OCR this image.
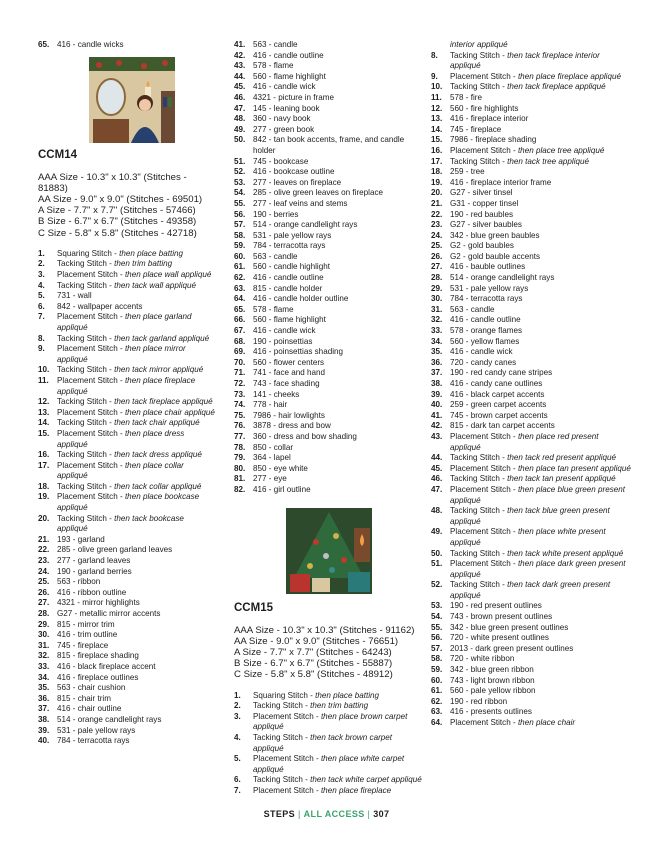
65. 416 - candle wicks
CCM14
AAA Size - 10.3" x 10.3" (Stitches - 81883)
AA Size - 9.0" x 9.0" (Stitches - 69501)
A Size - 7.7" x 7.7" (Stitches - 57466)
B Size - 6.7" x 6.7" (Stitches - 49358)
C Size - 5.8" x 5.8" (Stitches - 42718)
1.	Squaring Stitch - then place batting
2.	Tacking Stitch - then trim batting
3.	Placement Stitch - then place wall appliqué
4.	Tacking Stitch - then tack wall appliqué
5.	731 - wall
6.	842 - wallpaper accents
7.	Placement Stitch - then place garland appliqué
8.	Tacking Stitch - then tack garland appliqué
9.	Placement Stitch - then place mirror appliqué
10. Tacking Stitch - then tack mirror appliqué
11.	Placement Stitch - then place fireplace appliqué
12. Tacking Stitch - then tack fireplace appliqué
13. Placement Stitch - then place chair appliqué
14. Tacking Stitch - then tack chair appliqué
15. Placement Stitch - then place dress appliqué
16. Tacking Stitch - then tack dress appliqué
17. Placement Stitch - then place collar appliqué
18. Tacking Stitch - then tack collar appliqué
19. Placement Stitch - then place bookcase appliqué
20. Tacking Stitch - then tack bookcase appliqué
21. 193 - garland
22. 285 - olive green garland leaves
23. 277 - garland leaves
24. 190 - garland berries
25. 563 - ribbon
26. 416 - ribbon outline
27. 4321 - mirror highlights
28. G27 - metallic mirror accents
29. 815 - mirror trim
30. 416 - trim outline
31. 745 - fireplace
32. 815 - fireplace shading
33. 416 - black fireplace accent
34. 416 - fireplace outlines
35. 563 - chair cushion
36. 815 - chair trim
37. 416 - chair outline
38. 514 - orange candlelight rays
39. 531 - pale yellow rays
40. 784 - terracotta rays
41. 563 - candle
42. 416 - candle outline
43. 578 - flame
44. 560 - flame highlight
45. 416 - candle wick
46. 4321 - picture in frame
47. 145 - leaning book
48. 360 - navy book
49. 277 - green book
50. 842 - tan book accents, frame, and candle holder
51. 745 - bookcase
52. 416 - bookcase outline
53. 277 - leaves on fireplace
54. 285 - olive green leaves on fireplace
55. 277 - leaf veins and stems
56. 190 - berries
57. 514 - orange candlelight rays
58. 531 - pale yellow rays
59. 784 - terracotta rays
60. 563 - candle
61. 560 - candle highlight
62. 416 - candle outline
63. 815 - candle holder
64. 416 - candle holder outline
65. 578 - flame
66. 560 - flame highlight
67. 416 - candle wick
68. 190 - poinsettias
69. 416 - poinsettias shading
70. 560 - flower centers
71. 741 - face and hand
72. 743 - face shading
73. 141 - cheeks
74. 778 - hair
75. 7986 - hair lowlights
76. 3878 - dress and bow
77. 360 - dress and bow shading
78. 850 - collar
79. 364 - lapel
80. 850 - eye white
81. 277 - eye
82. 416 - girl outline
CCM15
AAA Size - 10.3" x 10.3" (Stitches - 91162)
AA Size - 9.0" x 9.0" (Stitches - 76651)
A Size - 7.7" x 7.7" (Stitches - 64243)
B Size - 6.7" x 6.7" (Stitches - 55887)
C Size - 5.8" x 5.8" (Stitches - 48912)
1.	Squaring Stitch - then place batting
2.	Tacking Stitch - then trim batting
3.	Placement Stitch - then place brown carpet appliqué
4.	Tacking Stitch - then tack brown carpet appliqué
5.	Placement Stitch - then place white carpet appliqué
6.	Tacking Stitch - then tack white carpet appliqué
7.	Placement Stitch - then place fireplace
interior appliqué
8.	Tacking Stitch - then tack fireplace interior appliqué
9.	Placement Stitch - then place fireplace appliqué
10. Tacking Stitch - then tack fireplace appliqué
11.	578 - fire
12. 560 - fire highlights
13. 416 - fireplace interior
14. 745 - fireplace
15. 7986 - fireplace shading
16. Placement Stitch - then place tree appliqué
17. Tacking Stitch - then tack tree appliqué
18. 259 - tree
19. 416 - fireplace interior frame
20. G27 - silver tinsel
21. G31 - copper tinsel
22. 190 - red baubles
23. G27 - silver baubles
24. 342 - blue green baubles
25. G2 - gold baubles
26. G2 - gold bauble accents
27. 416 - bauble outlines
28. 514 - orange candlelight rays
29. 531 - pale yellow rays
30. 784 - terracotta rays
31. 563 - candle
32. 416 - candle outline
33. 578 - orange flames
34. 560 - yellow flames
35. 416 - candle wick
36. 720 - candy canes
37. 190 - red candy cane stripes
38. 416 - candy cane outlines
39. 416 - black carpet accents
40. 259 - green carpet accents
41. 745 - brown carpet accents
42. 815 - dark tan carpet accents
43. Placement Stitch - then place red present appliqué
44. Tacking Stitch - then tack red present appliqué
45. Placement Stitch - then place tan present appliqué
46. Tacking Stitch - then tack tan present appliqué
47. Placement Stitch - then place blue green present appliqué
48. Tacking Stitch - then tack blue green present appliqué
49. Placement Stitch - then place white present appliqué
50. Tacking Stitch - then tack white present appliqué
51. Placement Stitch - then place dark green present appliqué
52. Tacking Stitch - then tack dark green present appliqué
53. 190 - red present outlines
54. 743 - brown present outlines
55. 342 - blue green present outlines
56. 720 - white present outlines
57. 2013 - dark green present outlines
58. 720 - white ribbon
59. 342 - blue green ribbon
60. 743 - light brown ribbon
61. 560 - pale yellow ribbon
62. 190 - red ribbon
63. 416 - presents outlines
64. Placement Stitch - then place chair
STEPS | ALL ACCESS | 307
